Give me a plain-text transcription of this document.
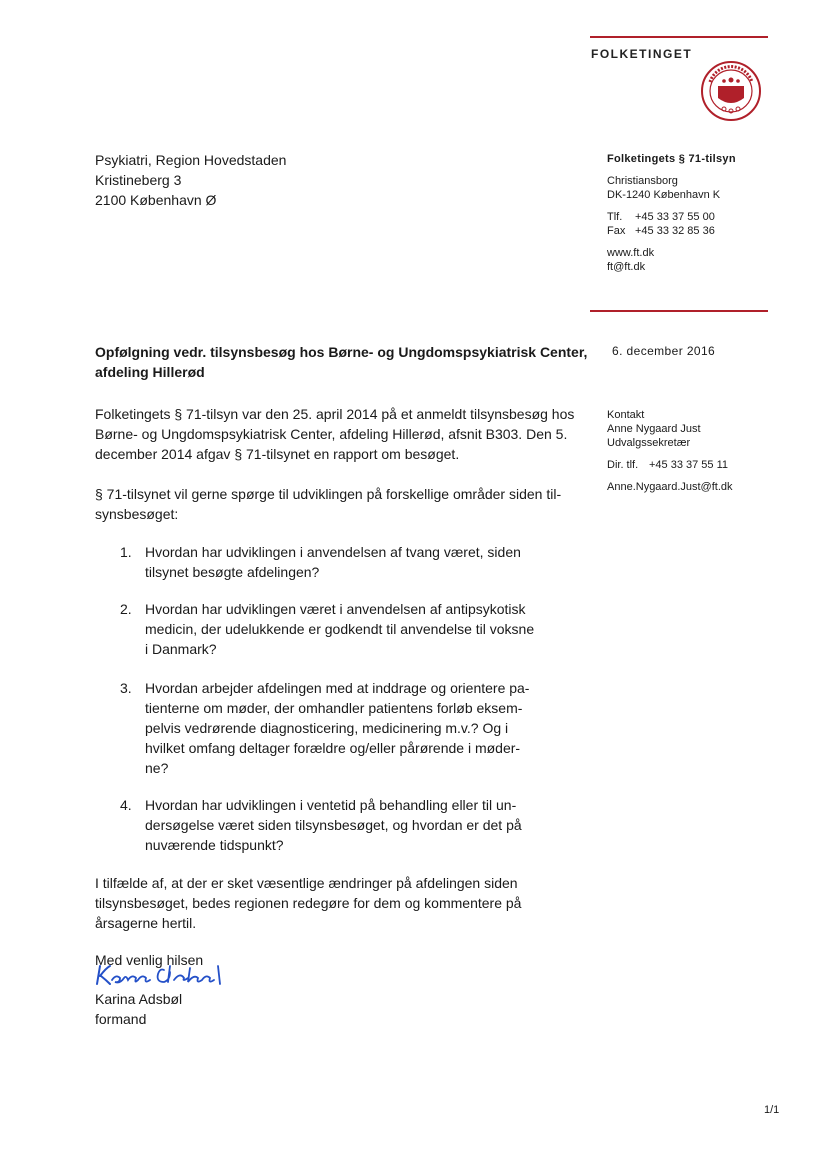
FOLKETINGET
Psykiatri, Region Hovedstaden
Kristineberg 3
2100 København Ø
Folketingets § 71-tilsyn
Christiansborg
DK-1240 København K
Tlf. +45 33 37 55 00
Fax +45 33 32 85 36
www.ft.dk
ft@ft.dk
6. december 2016
Opfølgning vedr. tilsynsbesøg hos Børne- og Ungdomspsykiatrisk Center,
afdeling Hillerød
Kontakt
Anne Nygaard Just
Udvalgssekretær
Dir. tlf. +45 33 37 55 11
Anne.Nygaard.Just@ft.dk
Folketingets § 71-tilsyn var den 25. april 2014 på et anmeldt tilsynsbesøg hos
Børne- og Ungdomspsykiatrisk Center, afdeling Hillerød, afsnit B303. Den 5.
december 2014 afgav § 71-tilsynet en rapport om besøget.
§ 71-tilsynet vil gerne spørge til udviklingen på forskellige områder siden til-
synsbesøget:
1. Hvordan har udviklingen i anvendelsen af tvang været, siden
tilsynet besøgte afdelingen?
2. Hvordan har udviklingen været i anvendelsen af antipsykotisk
medicin, der udelukkende er godkendt til anvendelse til voksne
i Danmark?
3. Hvordan arbejder afdelingen med at inddrage og orientere pa-
tienterne om møder, der omhandler patientens forløb eksem-
pelvis vedrørende diagnosticering, medicinering m.v.? Og i
hvilket omfang deltager forældre og/eller pårørende i møder-
ne?
4. Hvordan har udviklingen i ventetid på behandling eller til un-
dersøgelse været siden tilsynsbesøget, og hvordan er det på
nuværende tidspunkt?
I tilfælde af, at der er sket væsentlige ændringer på afdelingen siden
tilsynsbesøget, bedes regionen redegøre for dem og kommentere på
årsagerne hertil.
Med venlig hilsen
Karina Adsbøl
formand
1/1
